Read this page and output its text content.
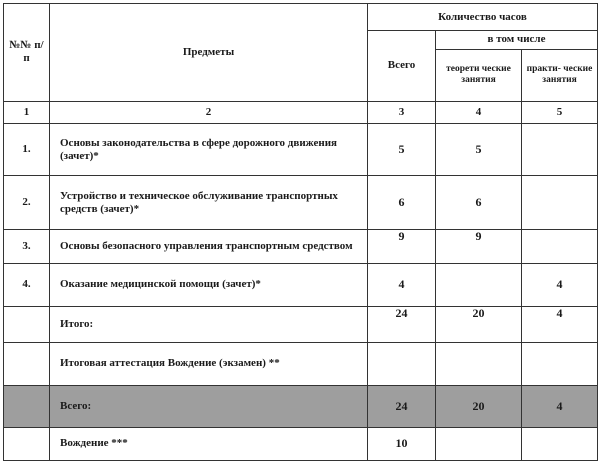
№№ п/п	Предметы	Количество часов		
		Всего	в том числе	
			теорети ческие занятия	практи- ческие занятия
1	2	3	4	5
1.	Основы законодательства в сфере дорожного движения (зачет)*	5	5	
2.	Устройство и техническое обслуживание транспортных средств (зачет)*	6	6	
3.	Основы безопасного управления транспортным средством	9	9	
4.	Оказание медицинской помощи (зачет)*	4		4
	Итого:	24	20	4
	Итоговая аттестация Вождение (экзамен) **			
	Всего:	24	20	4
	Вождение ***	10		
